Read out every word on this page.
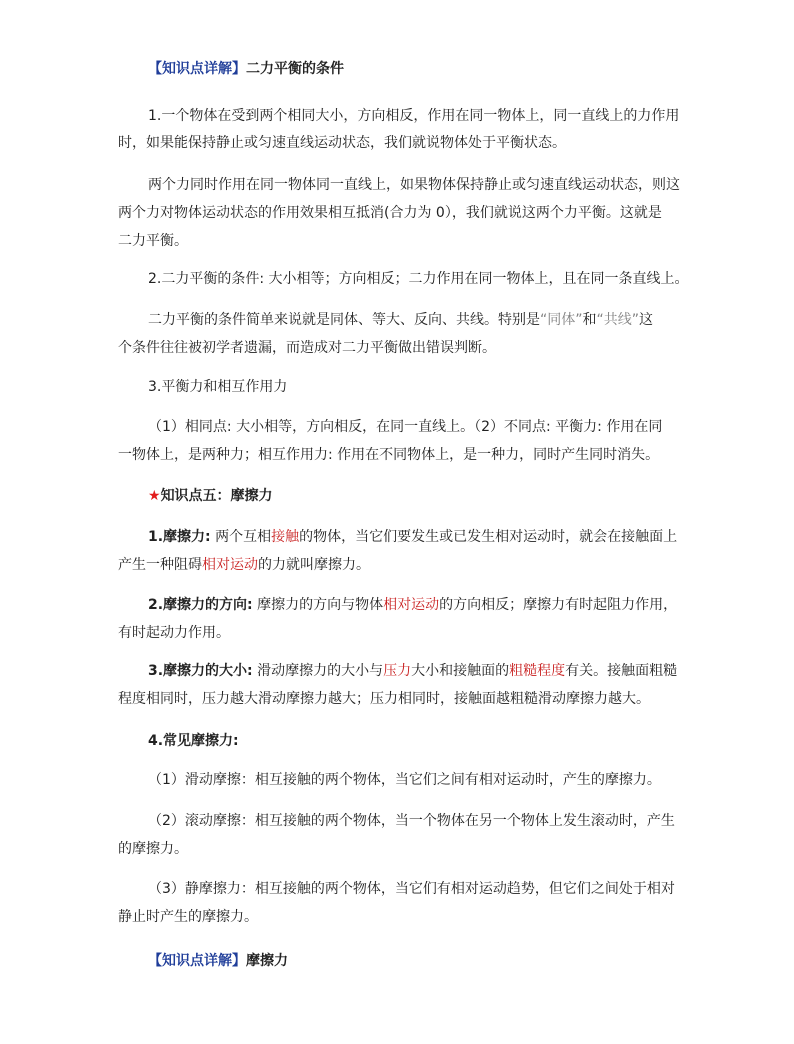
【知识点详解】二力平衡的条件
1.一个物体在受到两个相同大小，方向相反，作用在同一物体上，同一直线上的力作用
时，如果能保持静止或匀速直线运动状态，我们就说物体处于平衡状态。
两个力同时作用在同一物体同一直线上，如果物体保持静止或匀速直线运动状态，则这
两个力对物体运动状态的作用效果相互抵消(合力为 0），我们就说这两个力平衡。这就是
二力平衡。
2.二力平衡的条件: 大小相等；方向相反；二力作用在同一物体上，且在同一条直线上。
二力平衡的条件简单来说就是同体、等大、反向、共线。特别是“同体”和“共线”这
个条件往往被初学者遗漏，而造成对二力平衡做出错误判断。
3.平衡力和相互作用力
（1）相同点: 大小相等，方向相反，在同一直线上。（2）不同点: 平衡力: 作用在同
一物体上，是两种力；相互作用力: 作用在不同物体上，是一种力，同时产生同时消失。
★知识点五：摩擦力
1.摩擦力: 两个互相接触的物体，当它们要发生或已发生相对运动时，就会在接触面上
产生一种阻碍相对运动的力就叫摩擦力。
2.摩擦力的方向: 摩擦力的方向与物体相对运动的方向相反；摩擦力有时起阻力作用，
有时起动力作用。
3.摩擦力的大小: 滑动摩擦力的大小与压力大小和接触面的粗糙程度有关。接触面粗糙
程度相同时，压力越大滑动摩擦力越大；压力相同时，接触面越粗糙滑动摩擦力越大。
4.常见摩擦力:
（1）滑动摩擦：相互接触的两个物体，当它们之间有相对运动时，产生的摩擦力。
（2）滚动摩擦：相互接触的两个物体，当一个物体在另一个物体上发生滚动时，产生
的摩擦力。
（3）静摩擦力：相互接触的两个物体，当它们有相对运动趋势，但它们之间处于相对
静止时产生的摩擦力。
【知识点详解】摩擦力
